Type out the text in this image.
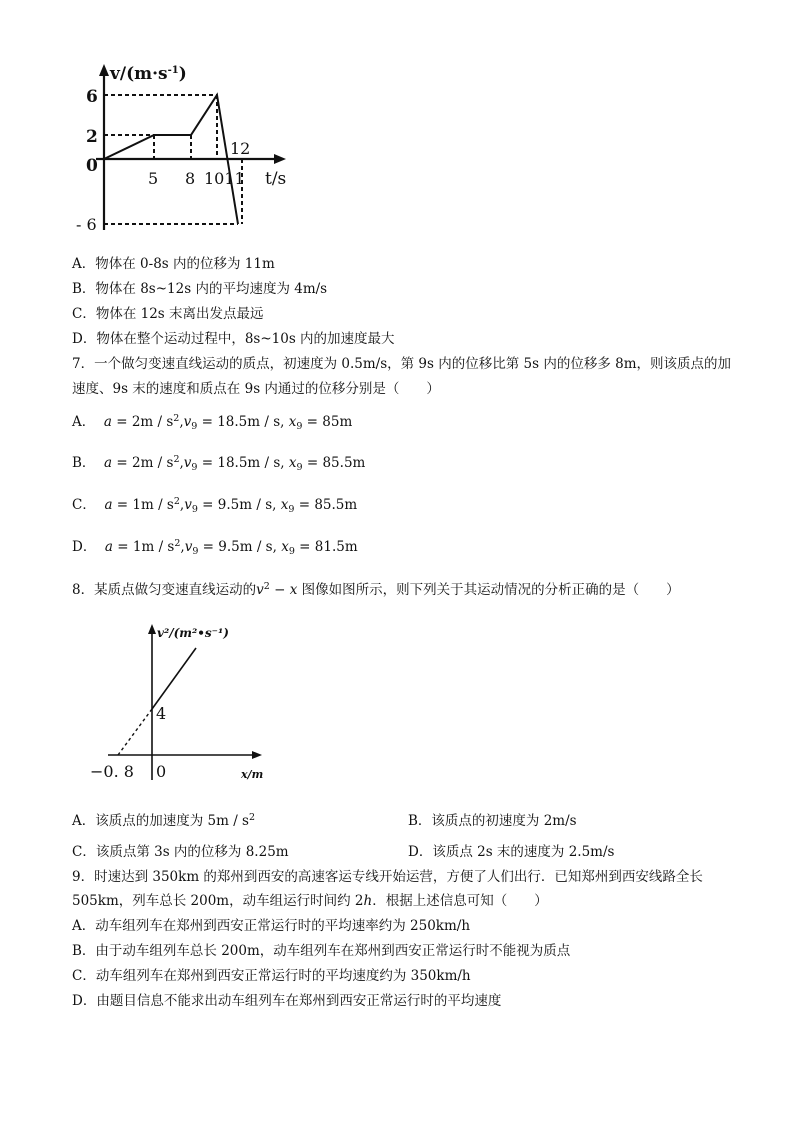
$v/(m\cdot s^{-1})$
6
2
0
- 6
5 8 1011
12
t/s
A．物体在 0-8s 内的位移为 11m
B．物体在 8s~12s 内的平均速度为 4m/s
C．物体在 12s 末离出发点最远
D．物体在整个运动过程中，8s~10s 内的加速度最大
7．一个做匀变速直线运动的质点，初速度为 0.5m/s，第 9s 内的位移比第 5s 内的位移多 8m，则该质点的加
速度、9s 末的速度和质点在 9s 内通过的位移分别是（　　）
A． $a = 2m / s^2,v_9 = 18.5m / s$, $x_9 = 85m$
B． $a = 2m / s^2,v_9 = 18.5m / s$, $x_9 = 85.5m$
C． $a = 1m / s^2,v_9 = 9.5m / s$, $x_9 = 85.5m$
D． $a = 1m / s^2,v_9 = 9.5m / s$, $x_9 = 81.5m$
8．某质点做匀变速直线运动的$v^2 - x$ 图像如图所示，则下列关于其运动情况的分析正确的是（　　）
v²/(m²•s⁻¹)
4
0
−0. 8	x/m
A．该质点的加速度为 $5m / s^2$	B．该质点的初速度为 2m/s
C．该质点第 3s 内的位移为 8.25m	D．该质点 2s 末的速度为 2.5m/s
9．时速达到 350km 的郑州到西安的高速客运专线开始运营，方便了人们出行．已知郑州到西安线路全长
505km，列车总长 200m，动车组运行时间约 2h．根据上述信息可知（　　）
A．动车组列车在郑州到西安正常运行时的平均速率约为 250km/h
B．由于动车组列车总长 200m，动车组列车在郑州到西安正常运行时不能视为质点
C．动车组列车在郑州到西安正常运行时的平均速度约为 350km/h
D．由题目信息不能求出动车组列车在郑州到西安正常运行时的平均速度
